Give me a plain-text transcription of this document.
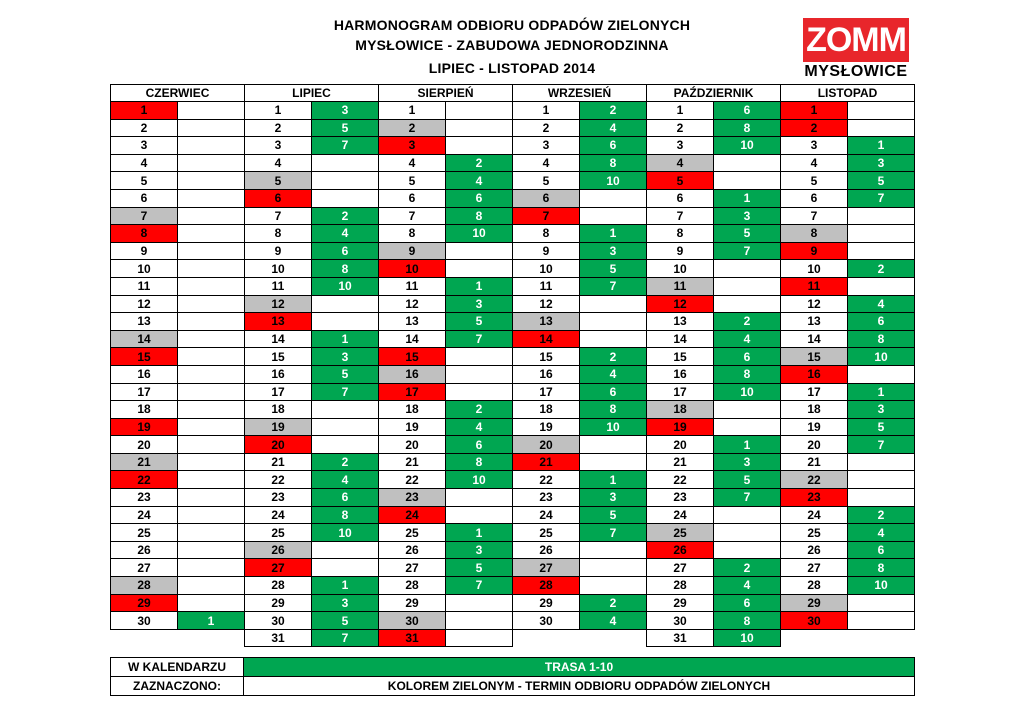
HARMONOGRAM ODBIORU ODPADÓW ZIELONYCH
MYSŁOWICE - ZABUDOWA JEDNORODZINNA
LIPIEC - LISTOPAD 2014
ZOMM
MYSŁOWICE
CZERWIEC		LIPIEC		SIERPIEŃ		WRZESIEŃ		PAŹDZIERNIK		LISTOPAD	
1		1	3	1		1	2	1	6	1	
2		2	5	2		2	4	2	8	2	
3		3	7	3		3	6	3	10	3	1
4		4		4	2	4	8	4		4	3
5		5		5	4	5	10	5		5	5
6		6		6	6	6		6	1	6	7
7		7	2	7	8	7		7	3	7	
8		8	4	8	10	8	1	8	5	8	
9		9	6	9		9	3	9	7	9	
10		10	8	10		10	5	10		10	2
11		11	10	11	1	11	7	11		11	
12		12		12	3	12		12		12	4
13		13		13	5	13		13	2	13	6
14		14	1	14	7	14		14	4	14	8
15		15	3	15		15	2	15	6	15	10
16		16	5	16		16	4	16	8	16	
17		17	7	17		17	6	17	10	17	1
18		18		18	2	18	8	18		18	3
19		19		19	4	19	10	19		19	5
20		20		20	6	20		20	1	20	7
21		21	2	21	8	21		21	3	21	
22		22	4	22	10	22	1	22	5	22	
23		23	6	23		23	3	23	7	23	
24		24	8	24		24	5	24		24	2
25		25	10	25	1	25	7	25		25	4
26		26		26	3	26		26		26	6
27		27		27	5	27		27	2	27	8
28		28	1	28	7	28		28	4	28	10
29		29	3	29		29	2	29	6	29	
30	1	30	5	30		30	4	30	8	30	
		31	7	31				31	10		
W KALENDARZU	TRASA 1-10
ZAZNACZONO:	KOLOREM ZIELONYM - TERMIN ODBIORU ODPADÓW ZIELONYCH
